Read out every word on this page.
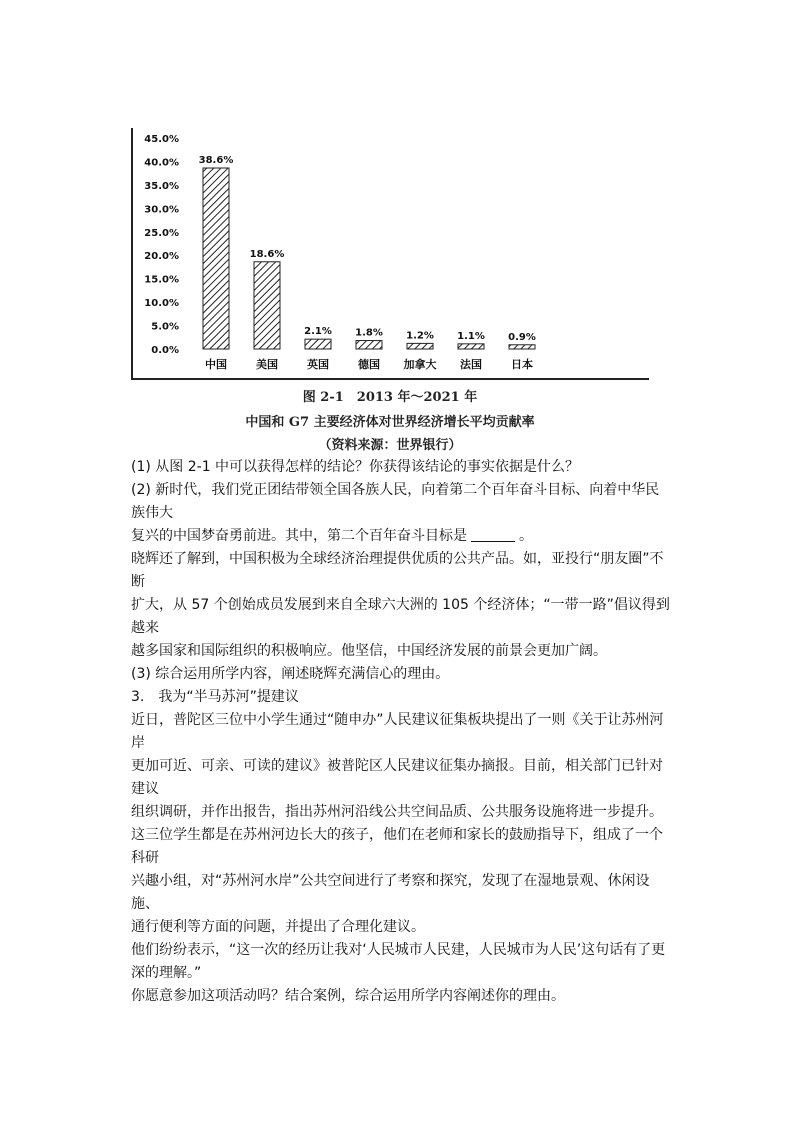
45.0%
40.0%
35.0%
30.0%
25.0%
20.0%
15.0%
10.0%
5.0%
0.0%
38.6%
18.6%
2.1% 1.8% 1.2% 1.1% 0.9%
中国	美国	英国	德国 加拿大 法国	日本
图 2-1　2013 年～2021 年
中国和 G7 主要经济体对世界经济增长平均贡献率
（资料来源：世界银行）

(1) 从图 2-1 中可以获得怎样的结论？你获得该结论的事实依据是什么？

(2) 新时代，我们党正团结带领全国各族人民，向着第二个百年奋斗目标、向着中华民族伟大

复兴的中国梦奋勇前进。其中，第二个百年奋斗目标是	。

晓辉还了解到，中国积极为全球经济治理提供优质的公共产品。如，亚投行“朋友圈”不断

扩大，从 57 个创始成员发展到来自全球六大洲的 105 个经济体；“一带一路”倡议得到越来

越多国家和国际组织的积极响应。他坚信，中国经济发展的前景会更加广阔。

(3) 综合运用所学内容，阐述晓辉充满信心的理由。

3.　我为“半马苏河”提建议

近日，普陀区三位中小学生通过“随申办”人民建议征集板块提出了一则《关于让苏州河岸

更加可近、可亲、可读的建议》被普陀区人民建议征集办摘报。目前，相关部门已针对建议

组织调研，并作出报告，指出苏州河沿线公共空间品质、公共服务设施将进一步提升。

这三位学生都是在苏州河边长大的孩子，他们在老师和家长的鼓励指导下，组成了一个科研

兴趣小组，对“苏州河水岸”公共空间进行了考察和探究，发现了在湿地景观、休闲设施、

通行便利等方面的问题，并提出了合理化建议。

他们纷纷表示，“这一次的经历让我对‘人民城市人民建，人民城市为人民’这句话有了更

深的理解。”

你愿意参加这项活动吗？结合案例，综合运用所学内容阐述你的理由。
